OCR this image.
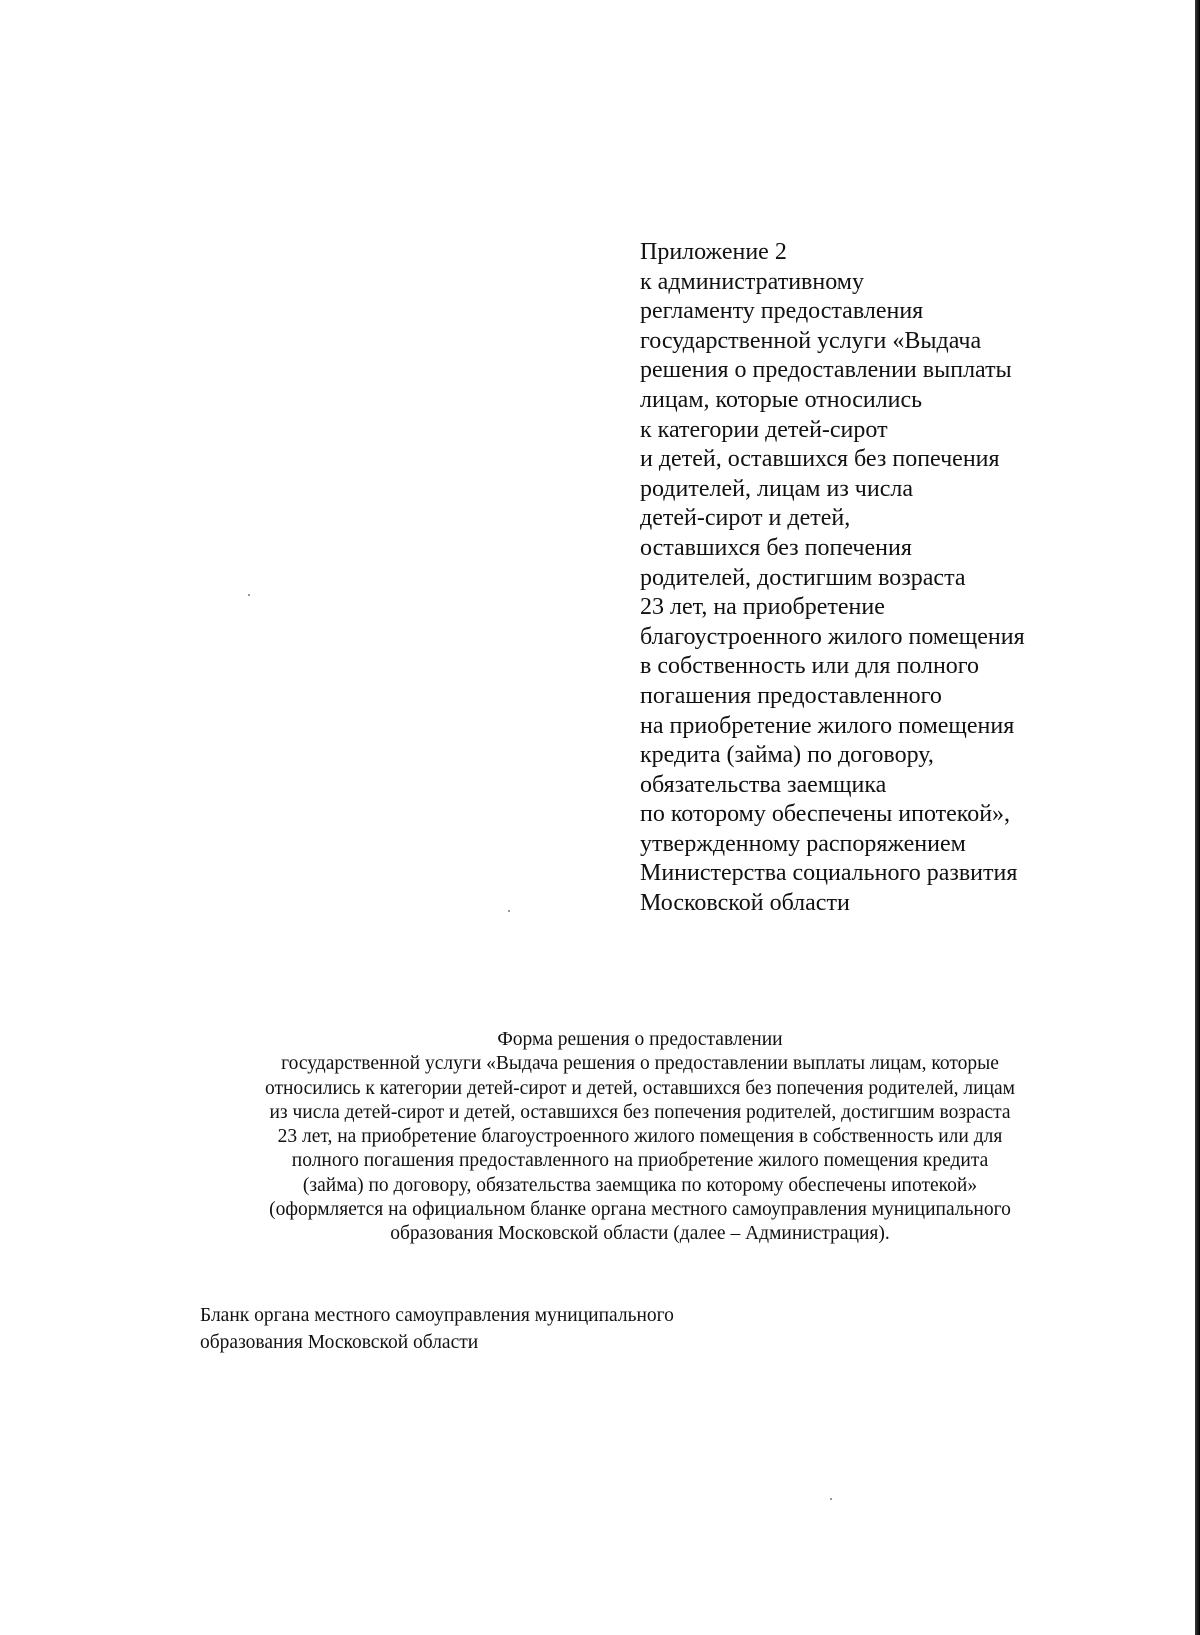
Приложение 2
к административному
регламенту предоставления
государственной услуги «Выдача
решения о предоставлении выплаты
лицам, которые относились
к категории детей-сирот
и детей, оставшихся без попечения
родителей, лицам из числа
детей-сирот и детей,
оставшихся без попечения
родителей, достигшим возраста
23 лет, на приобретение
благоустроенного жилого помещения
в собственность или для полного
погашения предоставленного
на приобретение жилого помещения
кредита (займа) по договору,
обязательства заемщика
по которому обеспечены ипотекой»,
утвержденному распоряжением
Министерства социального развития
Московской области
Форма решения о предоставлении
государственной услуги «Выдача решения о предоставлении выплаты лицам, которые
относились к категории детей-сирот и детей, оставшихся без попечения родителей, лицам
из числа детей-сирот и детей, оставшихся без попечения родителей, достигшим возраста
23 лет, на приобретение благоустроенного жилого помещения в собственность или для
полного погашения предоставленного на приобретение жилого помещения кредита
(займа) по договору, обязательства заемщика по которому обеспечены ипотекой»
(оформляется на официальном бланке органа местного самоуправления муниципального
образования Московской области (далее – Администрация).
Бланк органа местного самоуправления муниципального
образования Московской области
